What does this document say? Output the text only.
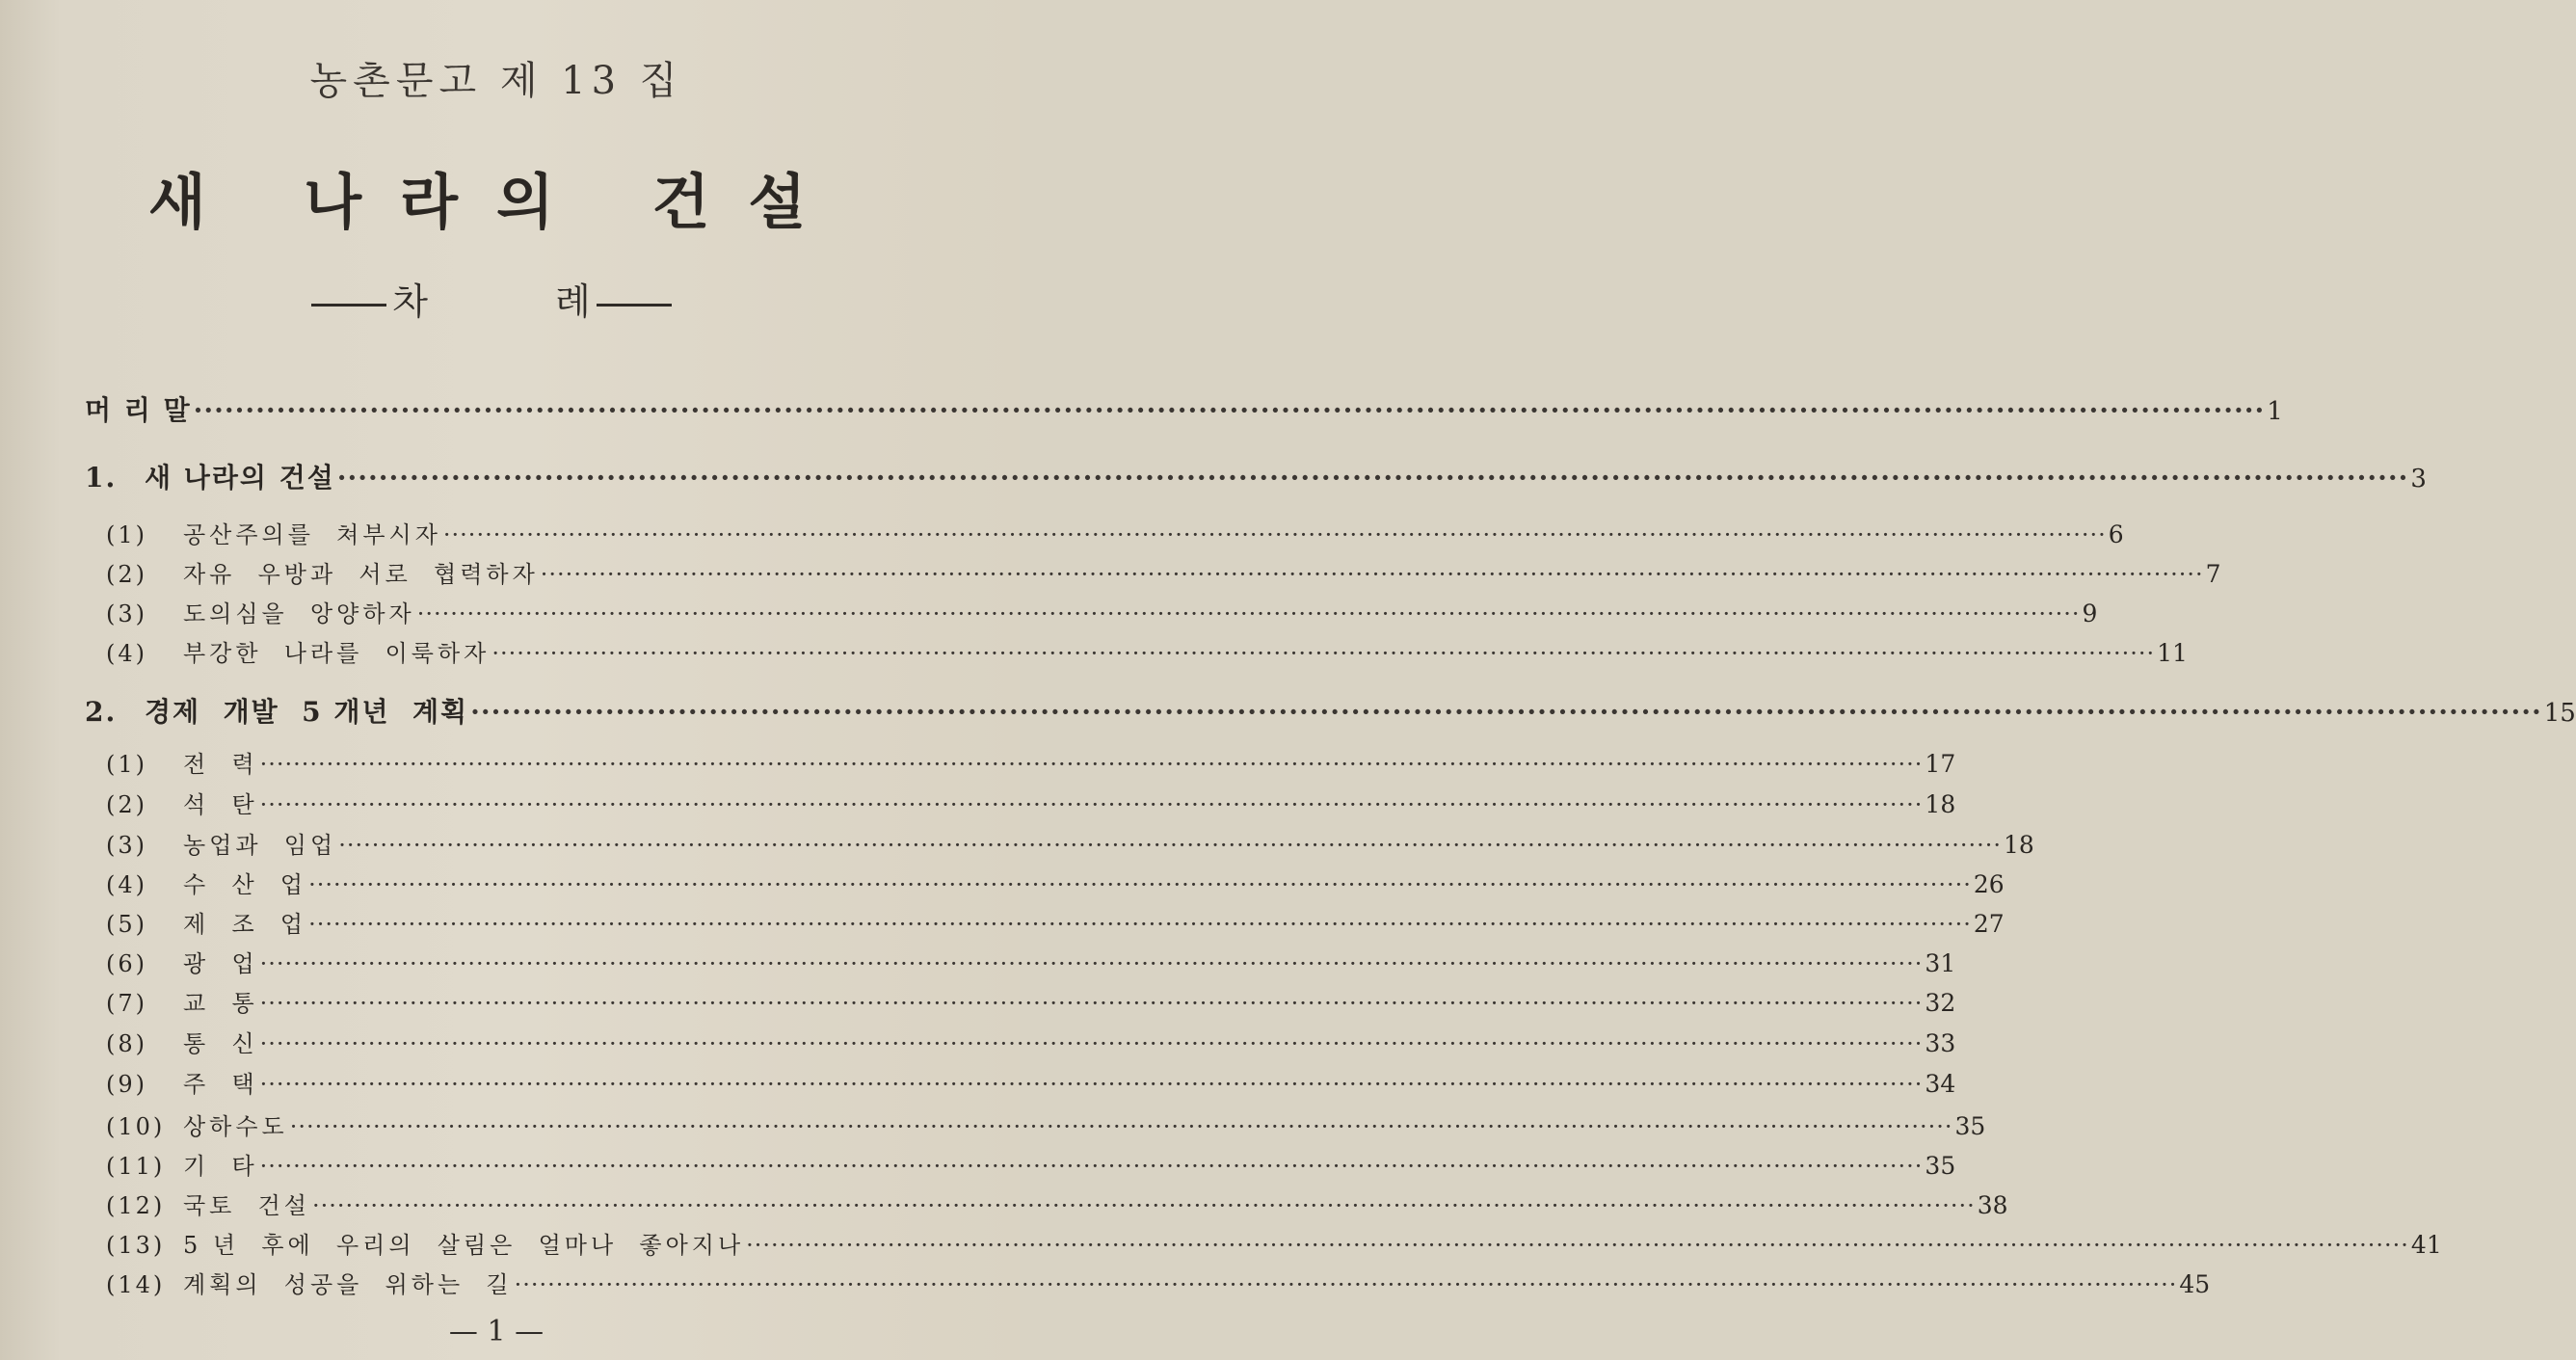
농촌문고 제 13 집
새 나라의 건설
차 례
머 리 말 ········································································································································································································ 1
1. 새 나라의 건설 ········································································································································································································ 3
(1) 공산주의를  쳐부시자 ········································································································································································································ 6
(2) 자유  우방과  서로  협력하자 ········································································································································································································ 7
(3) 도의심을  앙양하자 ········································································································································································································ 9
(4) 부강한  나라를  이룩하자 ········································································································································································································ 11
2. 경제  개발  5 개년  계획 ········································································································································································································ 15
(1) 전  력 ········································································································································································································ 17
(2) 석  탄 ········································································································································································································ 18
(3) 농업과  임업 ········································································································································································································ 18
(4) 수  산  업 ········································································································································································································ 26
(5) 제  조  업 ········································································································································································································ 27
(6) 광  업 ········································································································································································································ 31
(7) 교  통 ········································································································································································································ 32
(8) 통  신 ········································································································································································································ 33
(9) 주  택 ········································································································································································································ 34
(10) 상하수도 ········································································································································································································ 35
(11) 기  타 ········································································································································································································ 35
(12) 국토  건설 ········································································································································································································ 38
(13) 5 년  후에  우리의  살림은  얼마나  좋아지나 ········································································································································································································ 41
(14) 계획의  성공을  위하는  길 ········································································································································································································ 45
— 1 —
